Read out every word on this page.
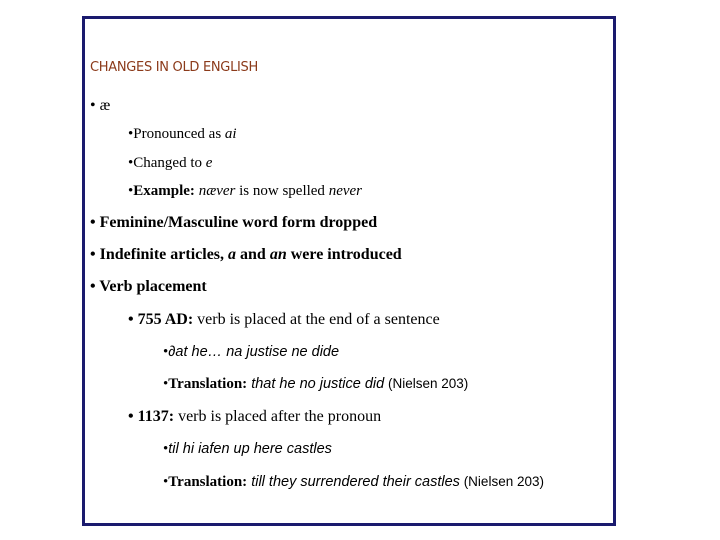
CHANGES IN OLD ENGLISH
• æ
•Pronounced as ai
•Changed to e
•Example: næver is now spelled never
• Feminine/Masculine word form dropped
• Indefinite articles, a and an were introduced
• Verb placement
• 755 AD: verb is placed at the end of a sentence
•∂at he… na justise ne dide
•Translation: that he no justice did (Nielsen 203)
• 1137: verb is placed after the pronoun
•til hi iafen up here castles
•Translation: till they surrendered their castles (Nielsen 203)
